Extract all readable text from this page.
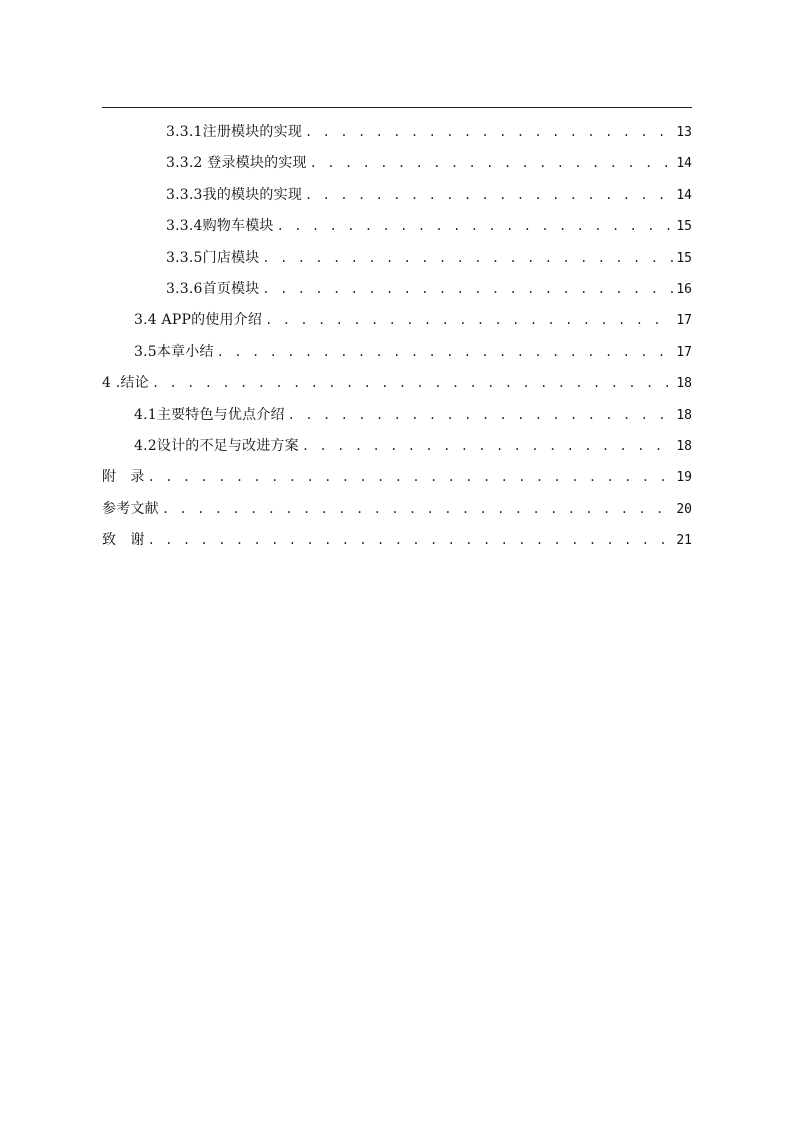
3.3.1注册模块的实现 . . .	13
3.3.2 登录模块的实现 . . .	14
3.3.3我的模块的实现 . . .	14
3.3.4购物车模块 . . .	15
3.3.5门店模块 . . .	15
3.3.6首页模块 . . .	16
3.4 APP的使用介绍 . . .	17
3.5本章小结 . . .	17
4 .结论 . . .	18
4.1主要特色与优点介绍 . . .	18
4.2设计的不足与改进方案 . . .	18
附　录 . . .	19
参考文献 . . .	20
致　谢 . . .	21
